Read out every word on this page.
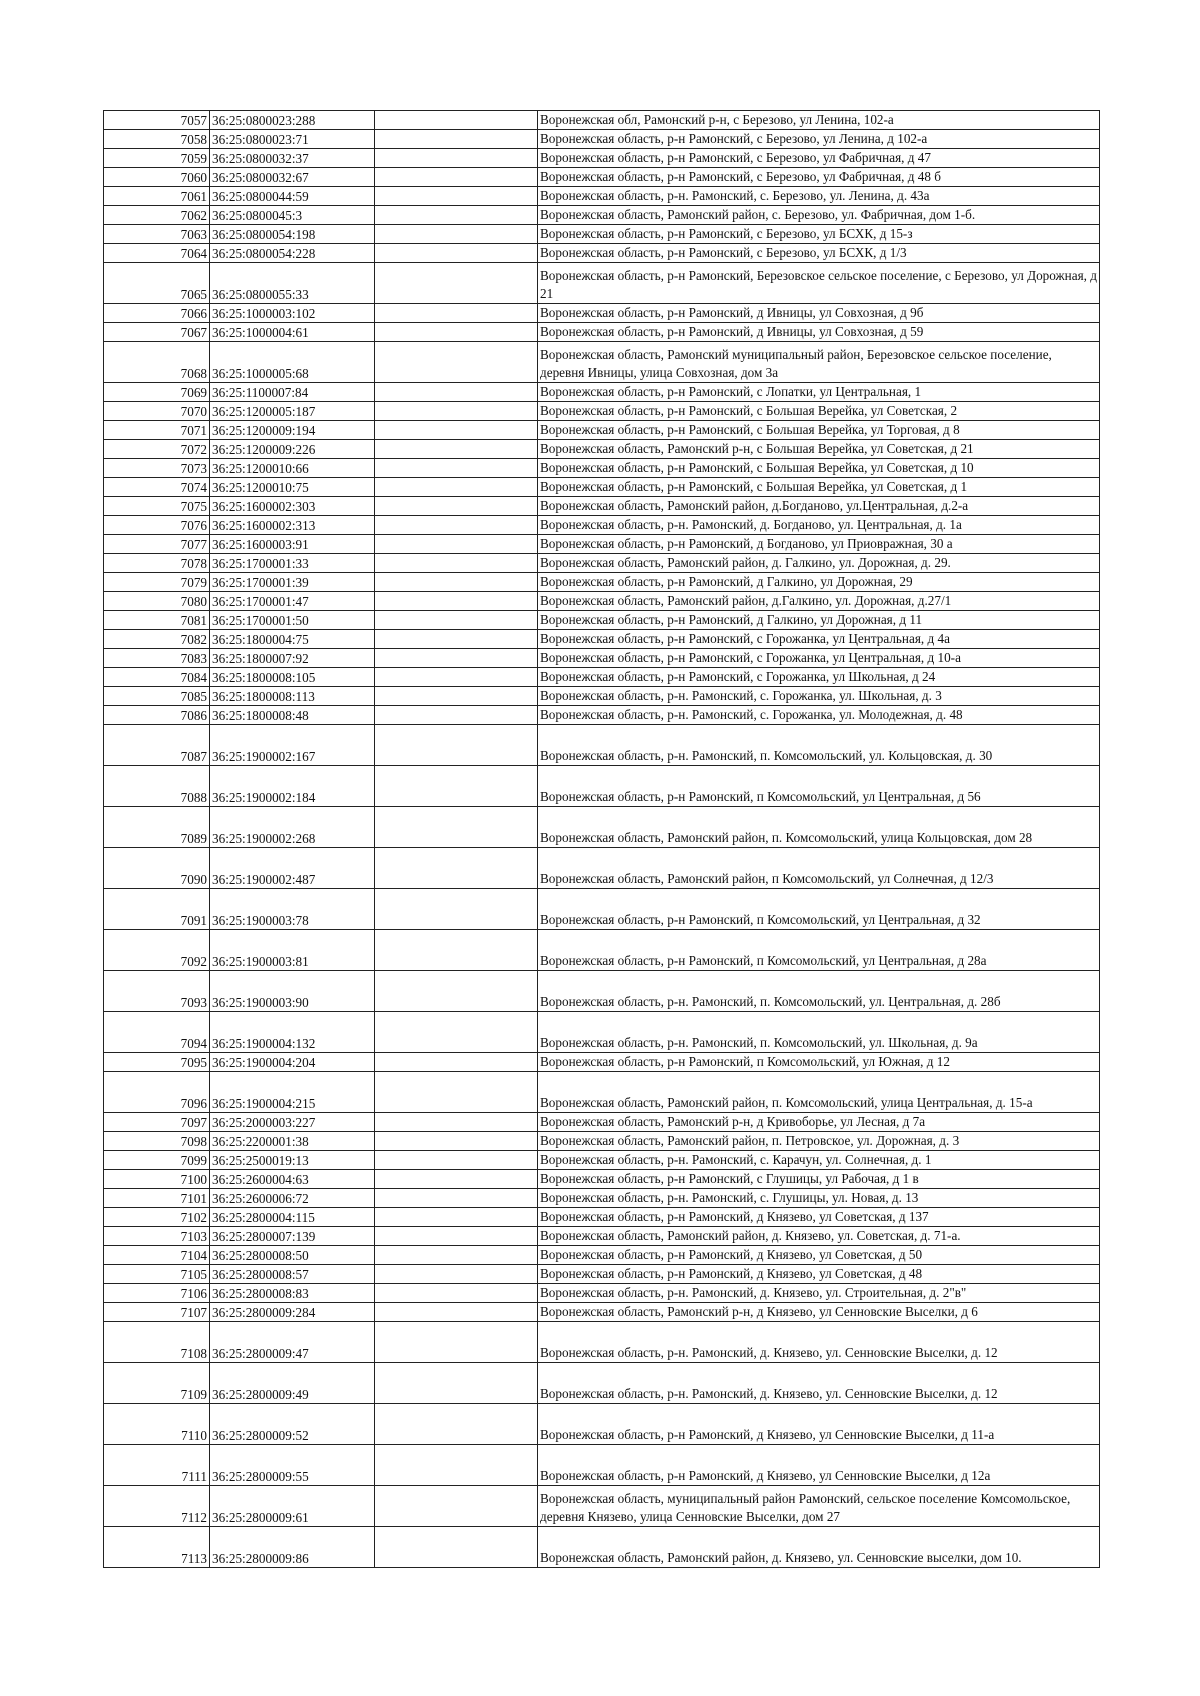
7057	36:25:0800023:288		Воронежская обл, Рамонский р-н, с Березово, ул Ленина, 102-а
7058	36:25:0800023:71		Воронежская область, р-н Рамонский, с Березово, ул Ленина, д 102-а
7059	36:25:0800032:37		Воронежская область, р-н Рамонский, с Березово, ул Фабричная, д 47
7060	36:25:0800032:67		Воронежская область, р-н Рамонский, с Березово, ул Фабричная, д 48 б
7061	36:25:0800044:59		Воронежская область, р-н. Рамонский, с. Березово, ул. Ленина, д. 43а
7062	36:25:0800045:3		Воронежская область, Рамонский район, с. Березово, ул. Фабричная, дом 1-б.
7063	36:25:0800054:198		Воронежская область, р-н Рамонский, с Березово, ул БСХК, д 15-з
7064	36:25:0800054:228		Воронежская область, р-н Рамонский, с Березово, ул БСХК, д 1/3
7065	36:25:0800055:33		Воронежская область, р-н Рамонский, Березовское сельское поселение, с Березово, ул Дорожная, д 21
7066	36:25:1000003:102		Воронежская область, р-н Рамонский, д Ивницы, ул Совхозная, д 9б
7067	36:25:1000004:61		Воронежская область, р-н Рамонский, д Ивницы, ул Совхозная, д 59
7068	36:25:1000005:68		Воронежская область, Рамонский муниципальный район, Березовское сельское поселение, деревня Ивницы, улица Совхозная, дом 3а
7069	36:25:1100007:84		Воронежская область, р-н Рамонский, с Лопатки, ул Центральная, 1
7070	36:25:1200005:187		Воронежская область, р-н Рамонский, с Большая Верейка, ул Советская, 2
7071	36:25:1200009:194		Воронежская область, р-н Рамонский, с Большая Верейка, ул Торговая, д 8
7072	36:25:1200009:226		Воронежская область, Рамонский р-н, с Большая Верейка, ул Советская, д 21
7073	36:25:1200010:66		Воронежская область, р-н Рамонский, с Большая Верейка, ул Советская, д 10
7074	36:25:1200010:75		Воронежская область, р-н Рамонский, с Большая Верейка, ул Советская, д 1
7075	36:25:1600002:303		Воронежская область, Рамонский район, д.Богданово, ул.Центральная, д.2-а
7076	36:25:1600002:313		Воронежская область, р-н. Рамонский, д. Богданово, ул. Центральная, д. 1а
7077	36:25:1600003:91		Воронежская область, р-н Рамонский, д Богданово, ул Приовражная, 30 а
7078	36:25:1700001:33		Воронежская область, Рамонский район, д. Галкино, ул. Дорожная, д. 29.
7079	36:25:1700001:39		Воронежская область, р-н Рамонский, д Галкино, ул Дорожная, 29
7080	36:25:1700001:47		Воронежская область, Рамонский район, д.Галкино, ул. Дорожная, д.27/1
7081	36:25:1700001:50		Воронежская область, р-н Рамонский, д Галкино, ул Дорожная, д 11
7082	36:25:1800004:75		Воронежская область, р-н Рамонский, с Горожанка, ул Центральная, д 4а
7083	36:25:1800007:92		Воронежская область, р-н Рамонский, с Горожанка, ул Центральная, д 10-а
7084	36:25:1800008:105		Воронежская область, р-н Рамонский, с Горожанка, ул Школьная, д 24
7085	36:25:1800008:113		Воронежская область, р-н. Рамонский, с. Горожанка, ул. Школьная, д. 3
7086	36:25:1800008:48		Воронежская область, р-н. Рамонский, с. Горожанка, ул. Молодежная, д. 48
7087	36:25:1900002:167		Воронежская область, р-н. Рамонский, п. Комсомольский, ул. Кольцовская, д. 30
7088	36:25:1900002:184		Воронежская область, р-н Рамонский, п Комсомольский, ул Центральная, д 56
7089	36:25:1900002:268		Воронежская область, Рамонский район, п. Комсомольский, улица Кольцовская, дом 28
7090	36:25:1900002:487		Воронежская область, Рамонский район, п Комсомольский, ул Солнечная, д 12/3
7091	36:25:1900003:78		Воронежская область, р-н Рамонский, п Комсомольский, ул Центральная, д 32
7092	36:25:1900003:81		Воронежская область, р-н Рамонский, п Комсомольский, ул Центральная, д 28а
7093	36:25:1900003:90		Воронежская область, р-н. Рамонский, п. Комсомольский, ул. Центральная, д. 28б
7094	36:25:1900004:132		Воронежская область, р-н. Рамонский, п. Комсомольский, ул. Школьная, д. 9а
7095	36:25:1900004:204		Воронежская область, р-н Рамонский, п Комсомольский, ул Южная, д 12
7096	36:25:1900004:215		Воронежская область, Рамонский район, п. Комсомольский, улица Центральная, д. 15-а
7097	36:25:2000003:227		Воронежская область, Рамонский р-н, д Кривоборье, ул Лесная, д 7а
7098	36:25:2200001:38		Воронежская область, Рамонский район, п. Петровское, ул. Дорожная, д. 3
7099	36:25:2500019:13		Воронежская область, р-н. Рамонский, с. Карачун, ул. Солнечная, д. 1
7100	36:25:2600004:63		Воронежская область, р-н Рамонский, с Глушицы, ул Рабочая, д 1 в
7101	36:25:2600006:72		Воронежская область, р-н. Рамонский, с. Глушицы, ул. Новая, д. 13
7102	36:25:2800004:115		Воронежская область, р-н Рамонский, д Князево, ул Советская, д 137
7103	36:25:2800007:139		Воронежская область, Рамонский район, д. Князево, ул. Советская, д. 71-а.
7104	36:25:2800008:50		Воронежская область, р-н Рамонский, д Князево, ул Советская, д 50
7105	36:25:2800008:57		Воронежская область, р-н Рамонский, д Князево, ул Советская, д 48
7106	36:25:2800008:83		Воронежская область, р-н. Рамонский, д. Князево, ул. Строительная, д. 2"в"
7107	36:25:2800009:284		Воронежская область, Рамонский р-н, д Князево, ул Сенновские Выселки, д 6
7108	36:25:2800009:47		Воронежская область, р-н. Рамонский, д. Князево, ул. Сенновские Выселки, д. 12
7109	36:25:2800009:49		Воронежская область, р-н. Рамонский, д. Князево, ул. Сенновские Выселки, д. 12
7110	36:25:2800009:52		Воронежская область, р-н Рамонский, д Князево, ул Сенновские Выселки, д 11-а
7111	36:25:2800009:55		Воронежская область, р-н Рамонский, д Князево, ул Сенновские Выселки, д 12а
7112	36:25:2800009:61		Воронежская область, муниципальный район Рамонский, сельское поселение Комсомольское, деревня Князево, улица Сенновские Выселки, дом 27
7113	36:25:2800009:86		Воронежская область, Рамонский район, д. Князево, ул. Сенновские выселки, дом 10.
